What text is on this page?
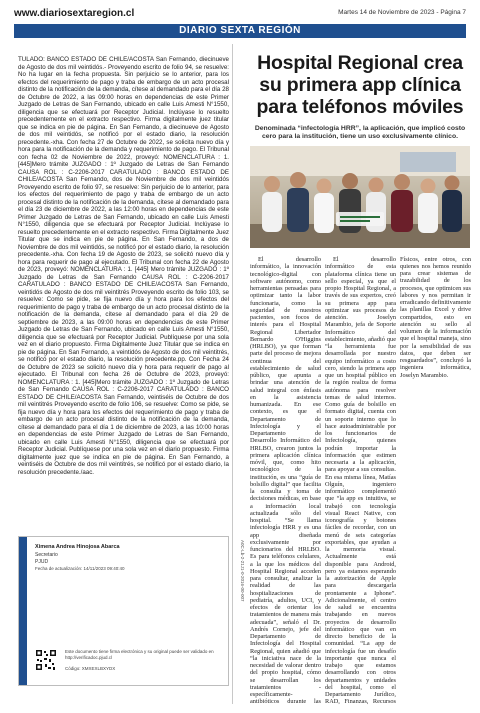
www.diariosextaregion.cl	Martes 14 de Noviembre de 2023 - Página 7
DIARIO SEXTA REGIÓN
TULADO: BANCO ESTADO DE CHILE/ACOSTA San Fernando, diecinueve de Agosto de dos mil veintidós.- Proveyendo escrito de folio 94, se resuelve: No ha lugar en la fecha propuesta. Sin perjuicio se lo anterior, para los efectos del requerimiento de pago y traba de embargo de un acto procesal distinto de la notificación de la demanda, cítese al demandado para el día 28 de Octubre de 2022, a las 09:00 horas en dependencias de este Primer Juzgado de Letras de San Fernando, ubicado en calle Luis Amesti N°1550, diligencia que se efectuará por Receptor Judicial. Inclúyase lo resuelto precedentemente en el extracto respectivo. Firma digitalmente juez titular que se indica en pie de página. En San Fernando, a diecinueve de Agosto de dos mil veintidós, se notificó por el estado diario, la resolución precedente.-xha. Con fecha 27 de Octubre de 2022, se solicita nuevo día y hora para la notificación de la demanda y requerimiento de pago. El Tribunal con fecha 02 de Noviembre de 2022, proveyó: NOMENCLATURA : 1. [445]Mero trámite JUZGADO : 1º Juzgado de Letras de San Fernando CAUSA ROL : C-2206-2017 CARATULADO : BANCO ESTADO DE CHILE/ACOSTA San Fernando, dos de Noviembre de dos mil veintidós Proveyendo escrito de folio 97, se resuelve: Sin perjuicio de lo anterior, para los efectos del requerimiento de pago y traba de embargo de un acto procesal distinto de la notificación de la demanda, cítese al demandado para el día 23 de diciembre de 2022, a las 12:00 horas en dependencias de este Primer Juzgado de Letras de San Fernando, ubicado en calle Luis Amesti N°1550, diligencia que se efectuará por Receptor Judicial. Inclúyase lo resuelto precedentemente en el extracto respectivo. Firma Digitalmente Juez Titular que se indica en pie de página. En San Fernando, a dos de Noviembre de dos mil veintidós, se notificó por el estado diario, la resolución precedente.-xha. Con fecha 19 de Agosto de 2023, se solicitó nuevo día y hora para requerir de pago al ejecutado. El Tribunal con fecha 22 de Agosto de 2023, proveyó: NOMENCLATURA : 1. [445] Mero trámite JUZGADO : 1º Juzgado de Letras de San Fernando CAUSA ROL : C-2206-2017 CARATULADO : BANCO ESTADO DE CHILE/ACOSTA San Fernando, veintidós de Agosto de dos mil veintitrés Proveyendo escrito de folio 103, se resuelve: Como se pide, se fija nuevo día y hora para los efectos del requerimiento de pago y traba de embargo de un acto procesal distinto de la notificación de la demanda, cítese al demandado para el día 29 de septiembre de 2023, a las 09:00 horas en dependencias de este Primer Juzgado de Letras de San Fernando, ubicado en calle Luis Amesti N°1550, diligencia que se efectuará por Receptor Judicial. Publíquese por una sola vez en el diario propuesto. Firma Digitalmente Juez Titular que se indica en pie de página. En San Fernando, a veintidós de Agosto de dos mil veintitrés, se notificó por el estado diario, la resolución precedente.pp. Con Fecha 24 de Octubre de 2023 se solicitó nuevo día y hora para requerir de pago al ejecutado. El Tribunal con fecha 26 de Octubre de 2023, proveyó: NOMENCLATURA : 1. [445]Mero trámite JUZGADO : 1º Juzgado de Letras de San Fernando CAUSA ROL : C-2206-2017 CARATULADO : BANCO ESTADO DE CHILE/ACOSTA San Fernando, veintiséis de Octubre de dos mil veintitrés Proveyendo escrito de folio 106, se resuelve: Como se pide, se fija nuevo día y hora para los efectos del requerimiento de pago y traba de embargo de un acto procesal distinto de la notificación de la demanda, cítese al demandado para el día 1 de diciembre de 2023, a las 10:00 horas en dependencias de este Primer Juzgado de Letras de San Fernando, ubicado en calle Luis Amesti N°1550, diligencia que se efectuará por Receptor Judicial. Publíquese por una sola vez en el diario propuesto. Firma digitalmente juez que se indica en pie de página. En San Fernando, a veintiséis de Octubre de dos mil veintitrés, se notificó por el estado diario, la resolución precedente./aac.
Ximena Andrea Hinojosa Abarca
Secretario
PJUD
Fecha de actualización: 14/11/2023 09:40:40
Este documento tiene firma electrónica y su original puede ser validado en http://verificadoc.pjud.cl
Código: XMXEXLBXYDX
A0C-Lb-2-21J1-0-2016-00-007
Hospital Regional crea su primera app clínica para teléfonos móviles
Denominada “infectología HRR”, la aplicación, que implicó costo cero para la institución, tiene un uso exclusivamente clínico.

El desarrollo informático, la innovación tecnológico-digital con software autónomo, como herramientas pensadas para optimizar tanto la labor funcionaria, como la seguridad de nuestros pacientes, son focos de interés para el Hospital Regional Libertador Bernardo O'Higgins (HRLBO), ya que forman parte del proceso de mejora continua del establecimiento de salud público, que apunta a brindar una atención de salud integral con énfasis en la asistencia humanizada. En ese contexto, es que el Departamento de Infectología y el Departamento de Desarrollo Informático del HRLBO, crearon juntos la primera aplicación clínica móvil, que, como hito tecnológico de la institución, es una “guía de bolsillo digital” que facilita la consulta y toma de decisiones médicas, en base a información local actualizada sólo del hospital. “Se llama infectología HRR y es una app diseñada exclusivamente por funcionarios del HRLBO. Es para teléfonos celulares, a la que los médicos del Hospital Regional acceden para consultar, analizar la realidad de las hospitalizaciones de pediatría, adultos, UCI, y efectos de orientar los tratamientos de manera más adecuada”, señaló el Dr. Andrés Cornejo, jefe del Departamento de Infectología del Hospital Regional, quien añadió que “la iniciativa nace de la necesidad de valorar dentro del propio hospital, cómo se desarrollan los tratamientos -específicamente- antibióticos durante las

El desarrollo informático de esta plataforma clínica tiene un sello especial, ya que el propio Hospital Regional, a través de sus expertos, creó su primera app para optimizar sus procesos de atención. Joselyn Marambio, jefa de Soporte Informático del establecimiento, añadió que “la herramienta fue desarrollada por nuestro equipo informático a costo cero, siendo la primera app que un hospital público en la región realiza de forma autónoma para resolver temas de salud internos. Como guía de bolsillo en formato digital, cuenta con un soporte interno que lo hace autoadministrable por los funcionarios de Infectología, quienes podrán importar la información que estimen necesaria a la aplicación, para apoyar a sus consultas. En esa misma línea, Matías Olguín, ingeniero informático complementó que “la app es intuitiva, se trabajó con tecnología visual React Native, con iconografía y botones fáciles de recordar, con un menú de seis categorías exportables, que ayudan a la memoria visual. Actualmente está disponible para Android, pero ya estamos esperando la autorización de Apple para descargarla prontamente a Iphone”. Adicionalmente, el centro de salud se encuentra trabajando en nuevos proyectos de desarrollo informático que van en directo beneficio de la comunidad. “La app de infectología fue un desafío importante que nunca el trabajo que estamos desarrollando con otros departamentos y unidades del hospital, como el Departamento Jurídico, RAD, Finanzas, Recursos

Físicos, entre otros, con quienes nos hemos reunido para crear sistemas de trazabilidad de los procesos, que optimicen sus labores y nos permitan ir erradicando definitivamente las planillas Excel y drive compartidos, esto en atención su sello al volumen de la información que el hospital maneja, sino por la sensibilidad de sus datos, que deben ser resguardados”, concluyó la ingeniera informática, Joselyn Marambio.
